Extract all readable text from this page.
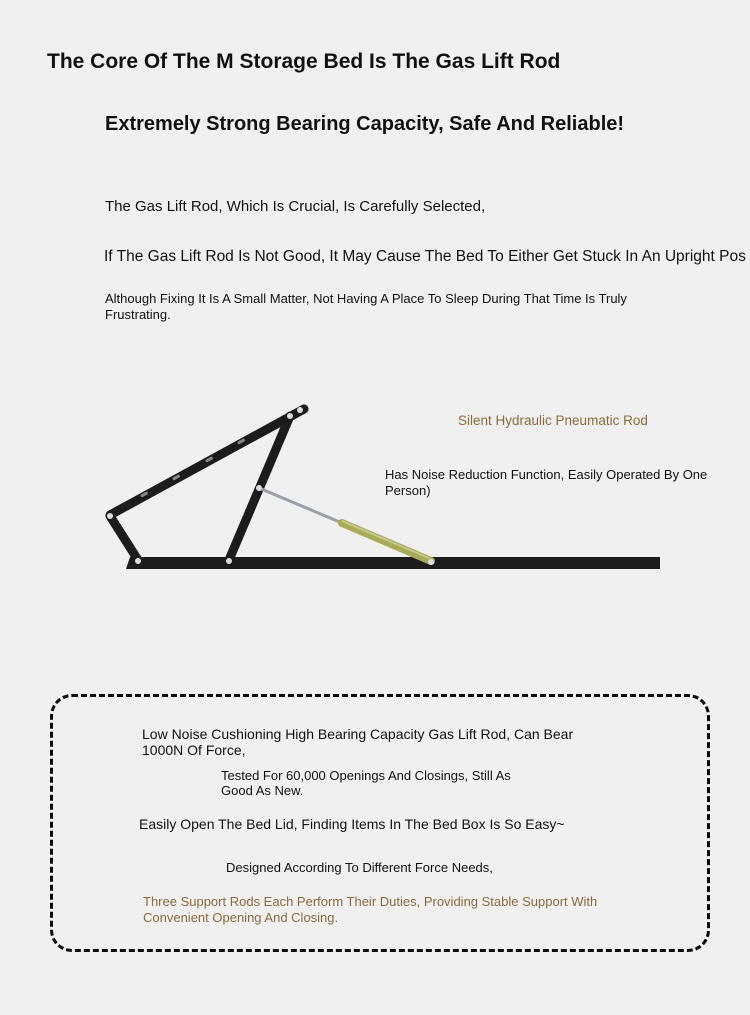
The Core Of The M Storage Bed Is The Gas Lift Rod
Extremely Strong Bearing Capacity, Safe And Reliable!

The Gas Lift Rod, Which Is Crucial, Is Carefully Selected,

If The Gas Lift Rod Is Not Good, It May Cause The Bed To Either Get Stuck In An Upright Pos

Although Fixing It Is A Small Matter, Not Having A Place To Sleep During That Time Is Truly Frustrating.

Silent Hydraulic Pneumatic Rod

Has Noise Reduction Function, Easily Operated By One Person)

Low Noise Cushioning High Bearing Capacity Gas Lift Rod, Can Bear 1000N Of Force,

Tested For 60,000 Openings And Closings, Still As Good As New.

Easily Open The Bed Lid, Finding Items In The Bed Box Is So Easy~

Designed According To Different Force Needs,

Three Support Rods Each Perform Their Duties, Providing Stable Support With Convenient Opening And Closing.
